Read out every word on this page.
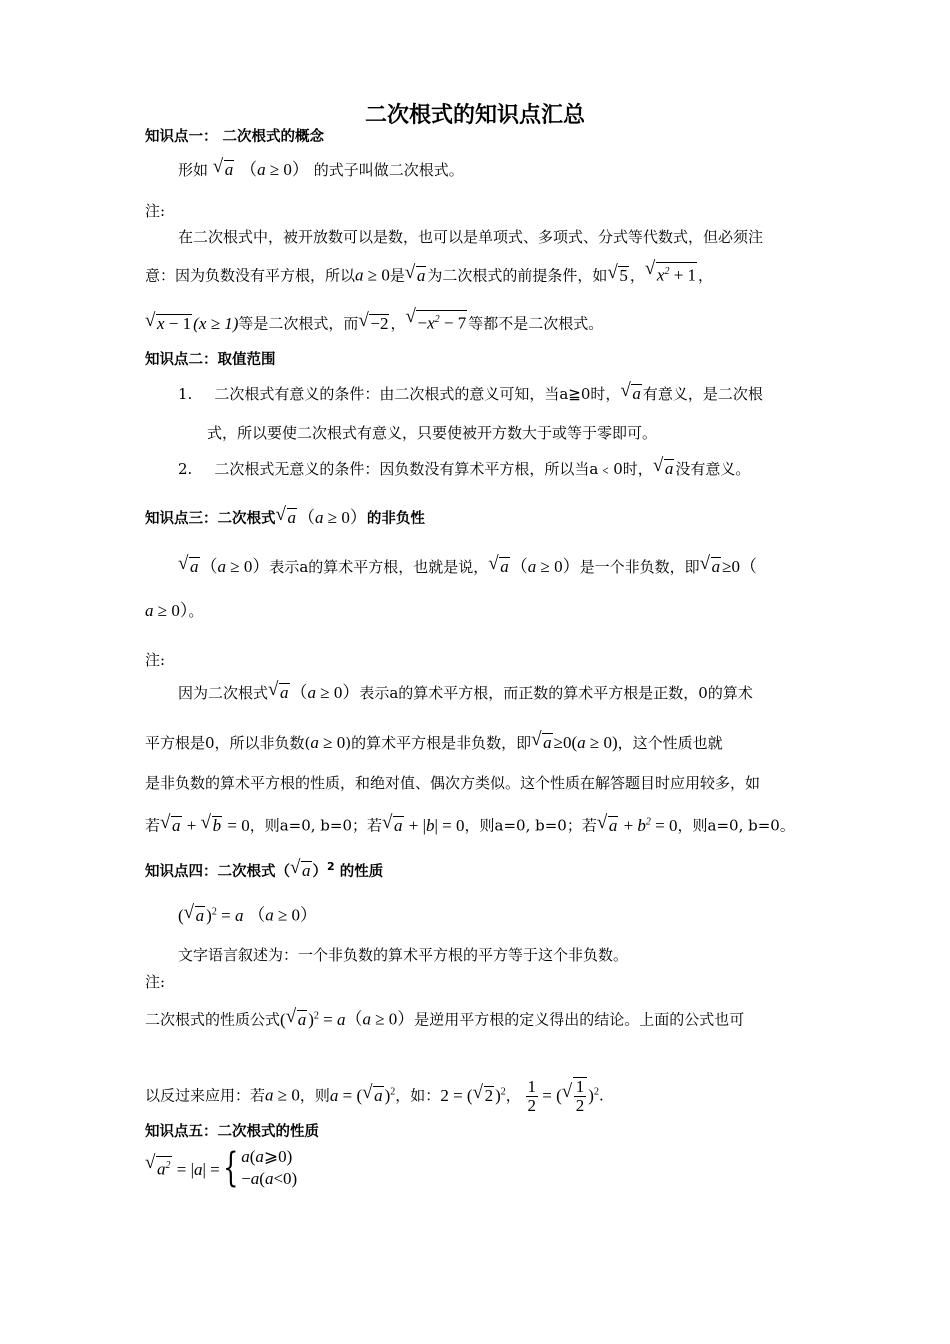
二次根式的知识点汇总
知识点一： 二次根式的概念
形如 √ a （a ≥ 0） 的式子叫做二次根式。
注:
在二次根式中，被开放数可以是数，也可以是单项式、多项式、分式等代数式，但必须注
意：因为负数没有平方根，所以a ≥ 0是 √ a 为二次根式的前提条件，如 √ 5 ， √ $x^2 + 1$ ，
√ x − 1 (x ≥ 1)等是二次根式，而 √ −2 ， √ $-x^2 - 7$ 等都不是二次根式。
知识点二：取值范围
1. 二次根式有意义的条件：由二次根式的意义可知，当a≧0时， √ a 有意义，是二次根
式，所以要使二次根式有意义，只要使被开方数大于或等于零即可。
2. 二次根式无意义的条件：因负数没有算术平方根，所以当a﹤0时， √ a 没有意义。
知识点三：二次根式 √ a （a ≥ 0）的非负性
√ a （a ≥ 0）表示a的算术平方根，也就是说， √ a （a ≥ 0）是一个非负数，即 √ a ≥0（
a ≥ 0）。
注:
因为二次根式 √ a （a ≥ 0）表示a的算术平方根，而正数的算术平方根是正数，0的算术
平方根是0，所以非负数(a ≥ 0)的算术平方根是非负数，即 √ a ≥0(a ≥ 0)，这个性质也就
是非负数的算术平方根的性质，和绝对值、偶次方类似。这个性质在解答题目时应用较多，如
若 √ a + √ b = 0，则a=0, b=0；若 √ a + |b| = 0，则a=0, b=0；若 √ $a + b^2 = 0$，则a=0, b=0。
知识点四：二次根式（ √ a ）$^2$ 的性质
( √ a )$^2$ = a （a ≥ 0）
文字语言叙述为：一个非负数的算术平方根的平方等于这个非负数。
注:
二次根式的性质公式( √ a )$^2$ = a（a ≥ 0）是逆用平方根的定义得出的结论。上面的公式也可
以反过来应用：若a ≥ 0，则a = ( √ a )$^2$，如：2 = ( √ 2 )$^2$， $\frac{1}{2}$ = ( √ $\frac{1}{2} )^2$.
知识点五：二次根式的性质
√ $a^2 = |a|$ ={ a(a⩾0)
−a(a<0)
